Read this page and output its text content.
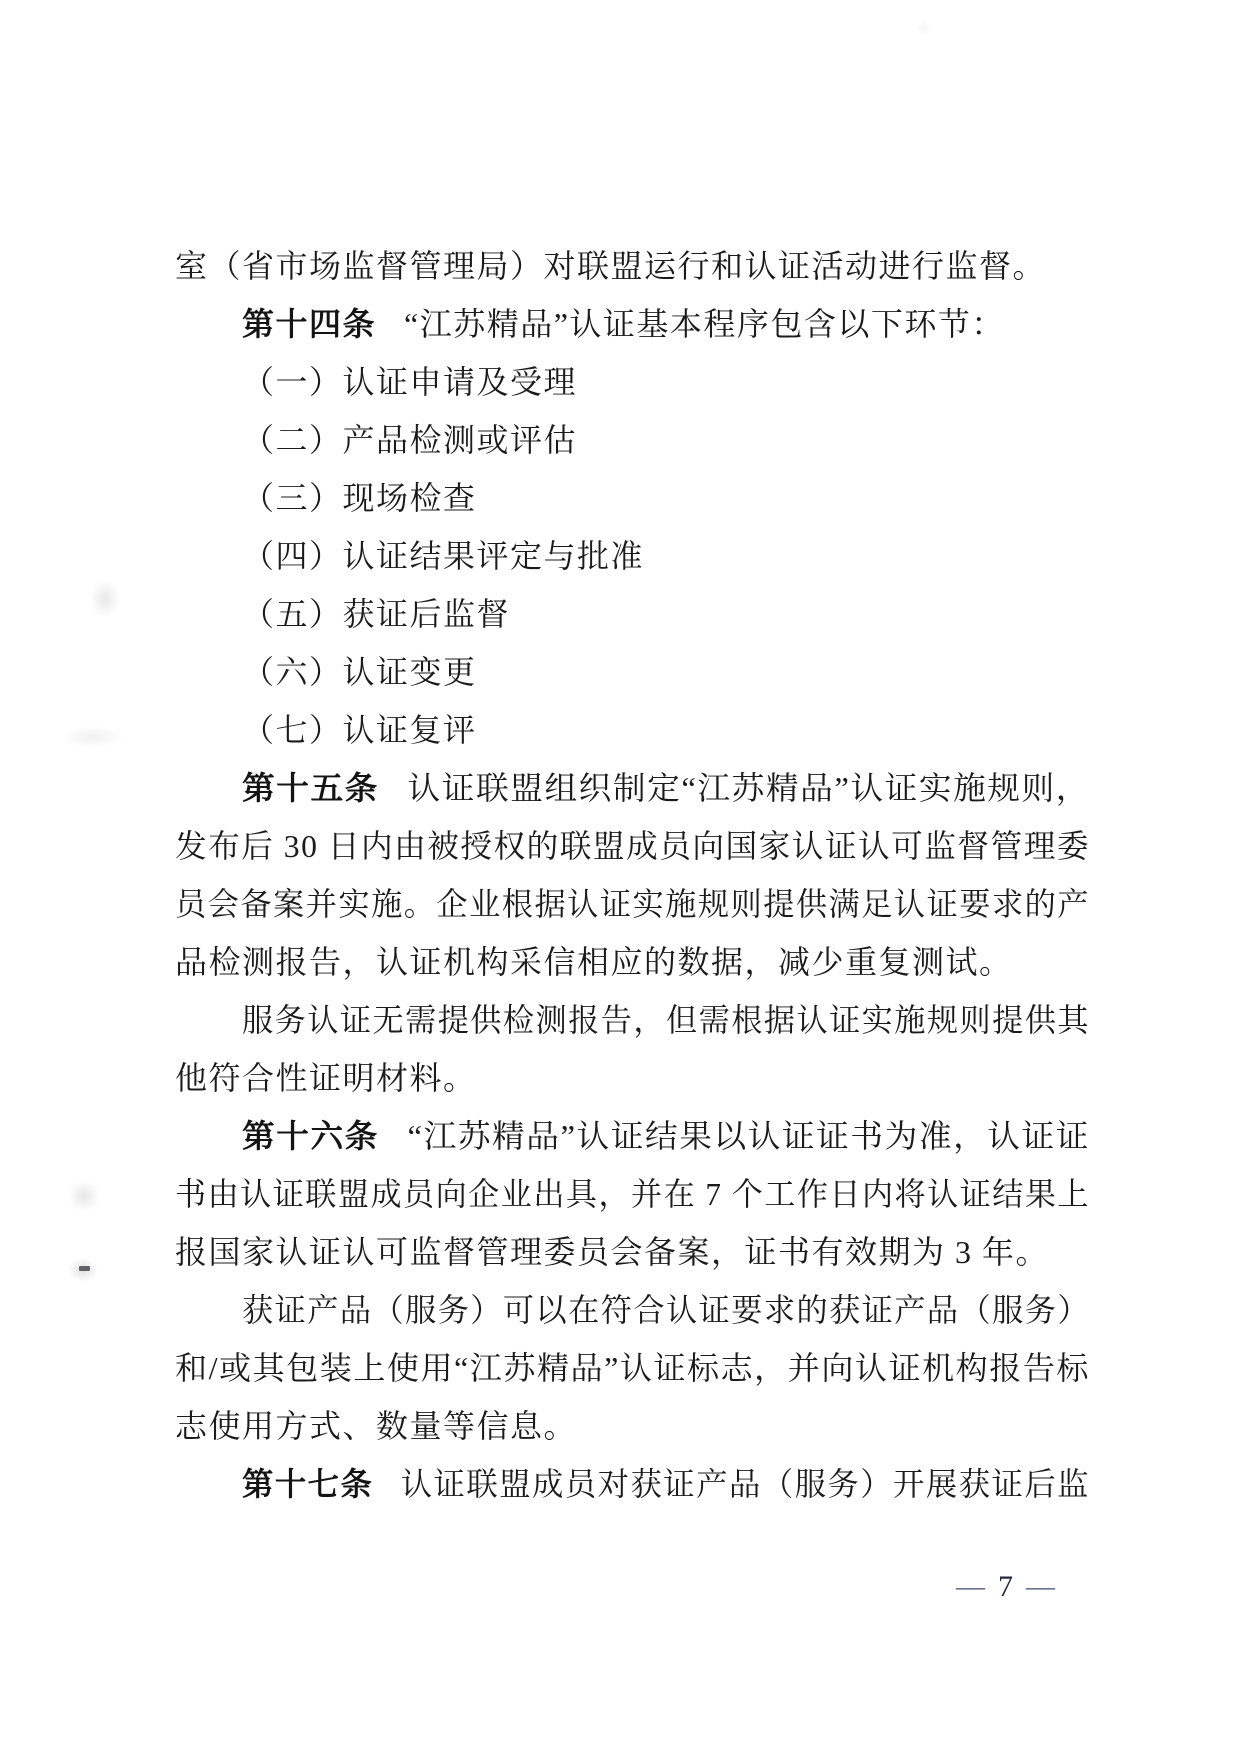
室（省市场监督管理局）对联盟运行和认证活动进行监督。
第十四条 “江苏精品”认证基本程序包含以下环节：
（一）认证申请及受理
（二）产品检测或评估
（三）现场检查
（四）认证结果评定与批准
（五）获证后监督
（六）认证变更
（七）认证复评
第十五条 认证联盟组织制定“江苏精品”认证实施规则，
发布后 30 日内由被授权的联盟成员向国家认证认可监督管理委
员会备案并实施。企业根据认证实施规则提供满足认证要求的产
品检测报告，认证机构采信相应的数据，减少重复测试。
服务认证无需提供检测报告，但需根据认证实施规则提供其
他符合性证明材料。
第十六条 “江苏精品”认证结果以认证证书为准，认证证
书由认证联盟成员向企业出具，并在 7 个工作日内将认证结果上
报国家认证认可监督管理委员会备案，证书有效期为 3 年。
获证产品（服务）可以在符合认证要求的获证产品（服务）
和/或其包装上使用“江苏精品”认证标志，并向认证机构报告标
志使用方式、数量等信息。
第十七条 认证联盟成员对获证产品（服务）开展获证后监
— 7 —
